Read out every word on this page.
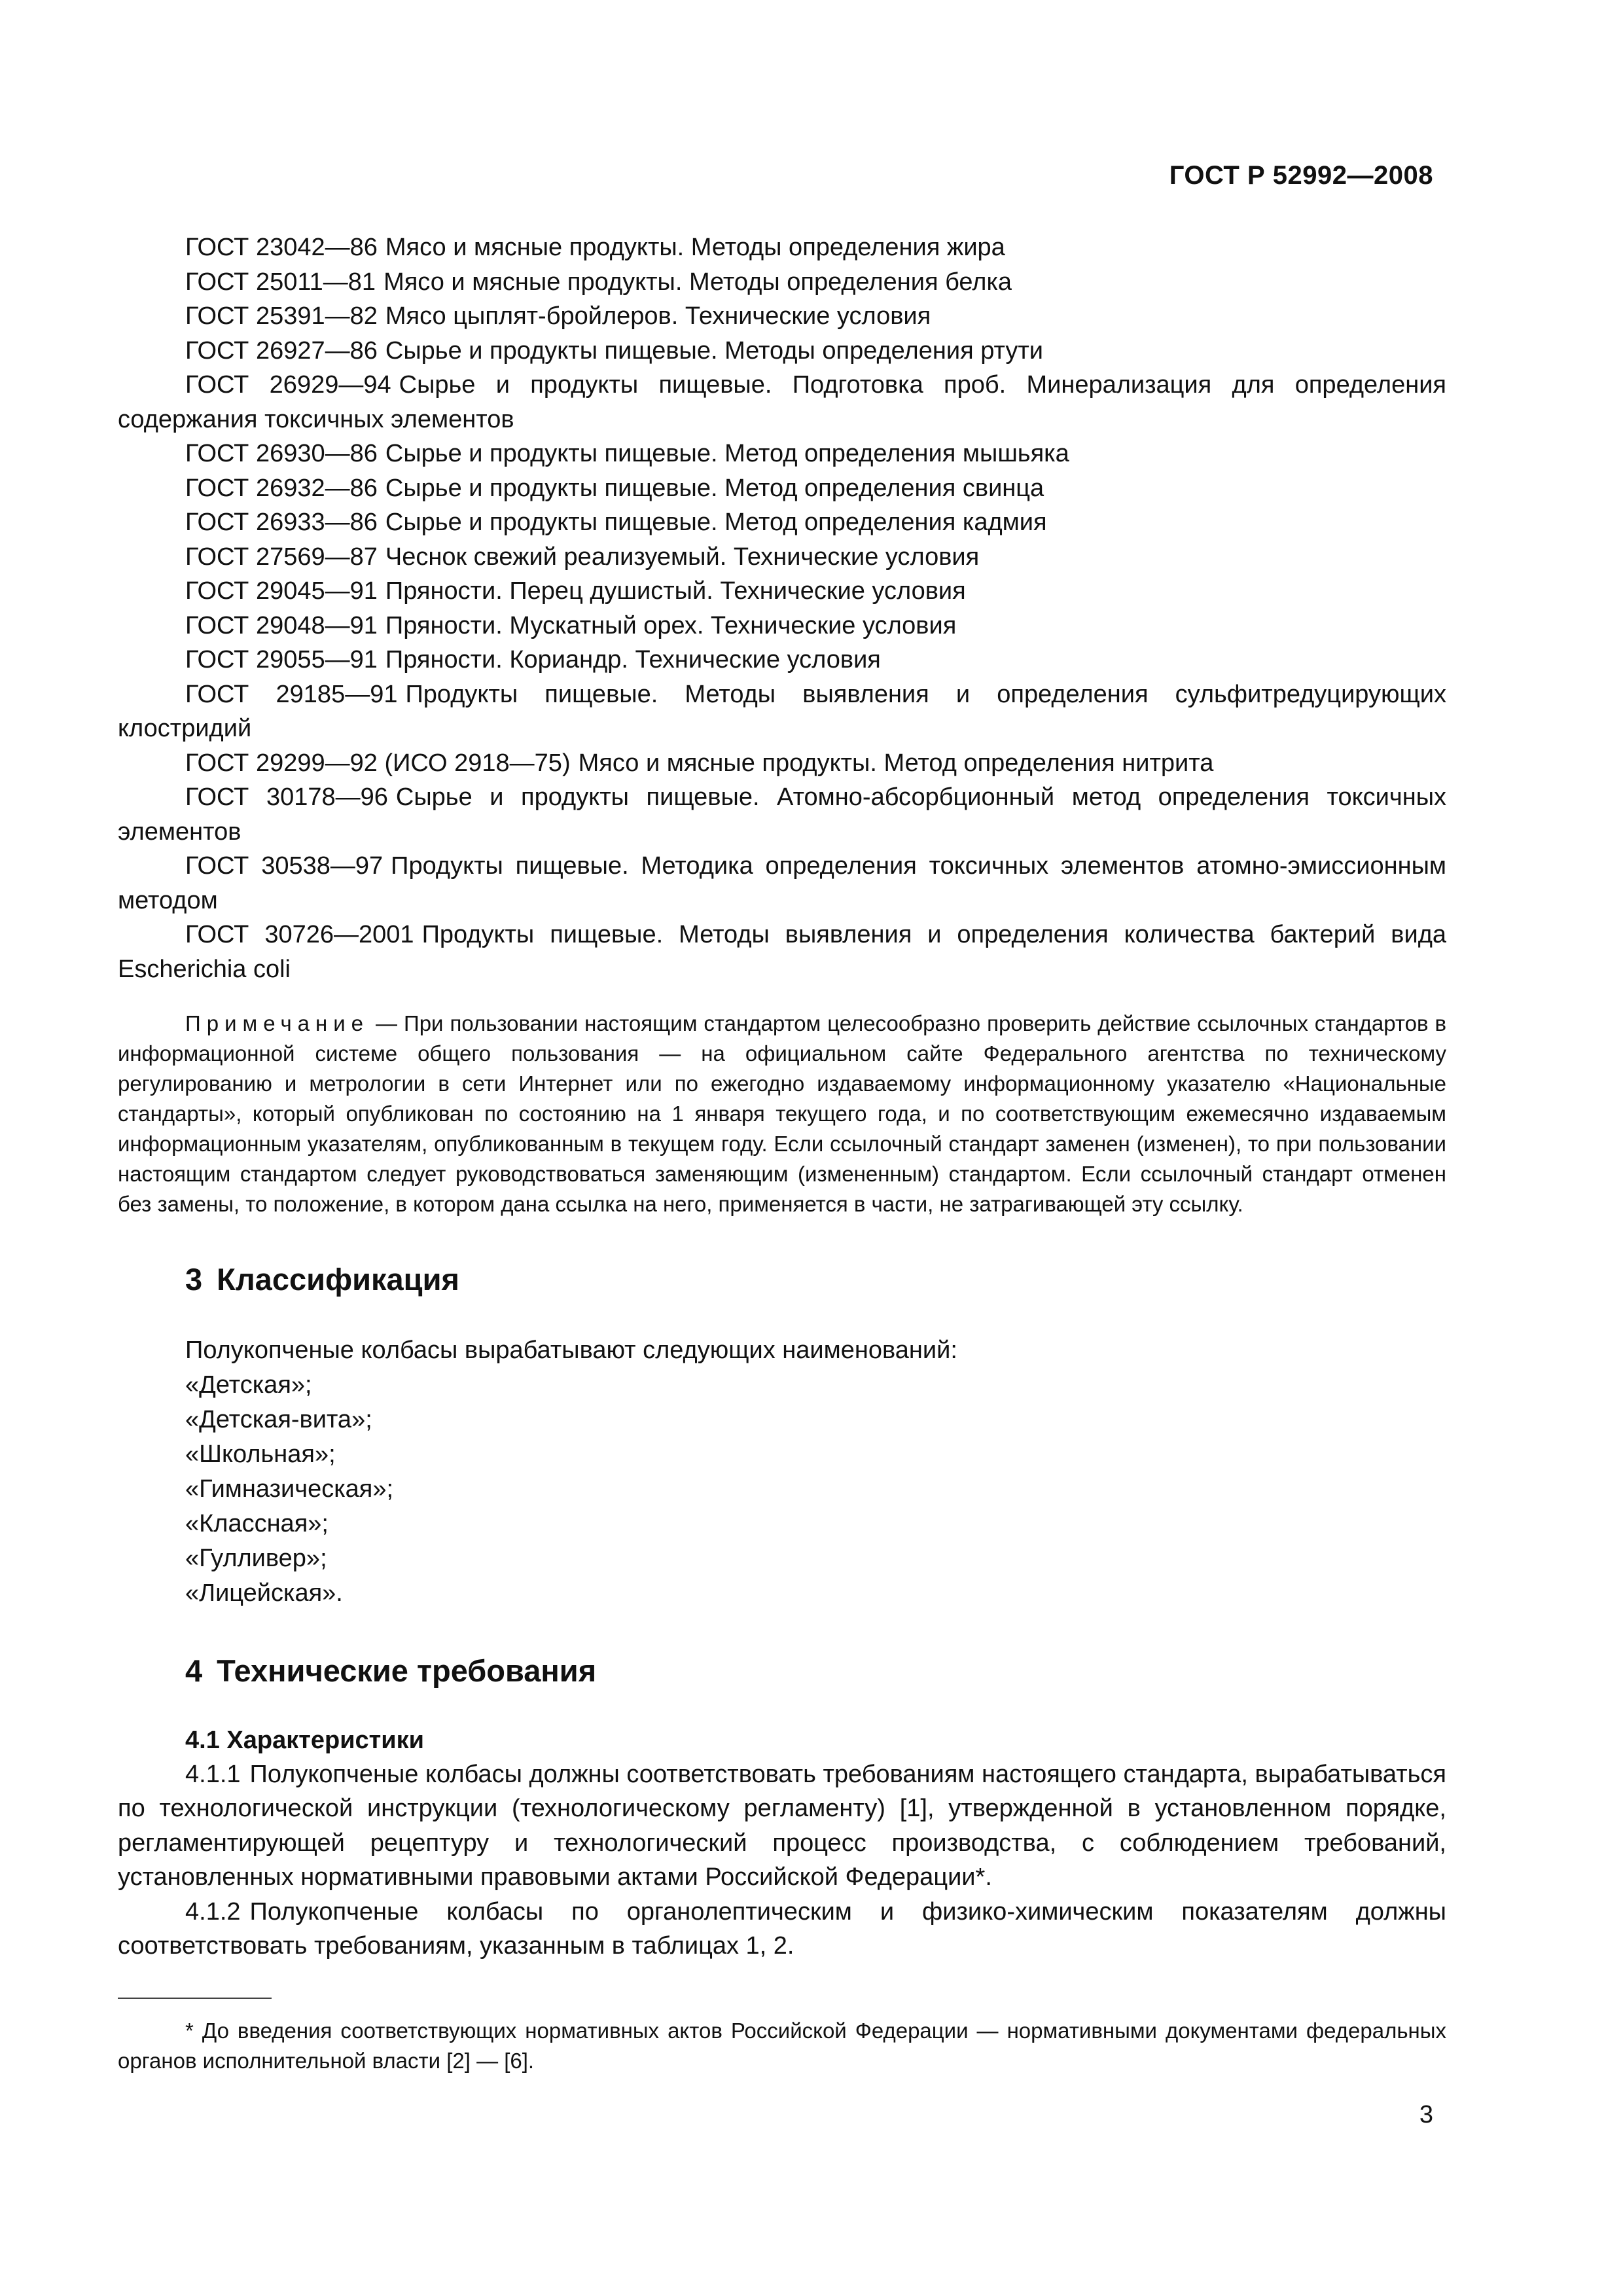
ГОСТ Р 52992—2008

ГОСТ 23042—86 Мясо и мясные продукты. Методы определения жира

ГОСТ 25011—81 Мясо и мясные продукты. Методы определения белка

ГОСТ 25391—82 Мясо цыплят-бройлеров. Технические условия

ГОСТ 26927—86 Сырье и продукты пищевые. Методы определения ртути

ГОСТ 26929—94 Сырье и продукты пищевые. Подготовка проб. Минерализация для определения содержания токсичных элементов

ГОСТ 26930—86 Сырье и продукты пищевые. Метод определения мышьяка

ГОСТ 26932—86 Сырье и продукты пищевые. Метод определения свинца

ГОСТ 26933—86 Сырье и продукты пищевые. Метод определения кадмия

ГОСТ 27569—87 Чеснок свежий реализуемый. Технические условия

ГОСТ 29045—91 Пряности. Перец душистый. Технические условия

ГОСТ 29048—91 Пряности. Мускатный орех. Технические условия

ГОСТ 29055—91 Пряности. Кориандр. Технические условия

ГОСТ 29185—91 Продукты пищевые. Методы выявления и определения сульфитредуцирующих клостридий

ГОСТ 29299—92 (ИСО 2918—75) Мясо и мясные продукты. Метод определения нитрита

ГОСТ 30178—96 Сырье и продукты пищевые. Атомно-абсорбционный метод определения токсичных элементов

ГОСТ 30538—97 Продукты пищевые. Методика определения токсичных элементов атомно-эмиссионным методом

ГОСТ 30726—2001 Продукты пищевые. Методы выявления и определения количества бактерий вида Escherichia coli

Примечание — При пользовании настоящим стандартом целесообразно проверить действие ссылочных стандартов в информационной системе общего пользования — на официальном сайте Федерального агентства по техническому регулированию и метрологии в сети Интернет или по ежегодно издаваемому информационному указателю «Национальные стандарты», который опубликован по состоянию на 1 января текущего года, и по соответствующим ежемесячно издаваемым информационным указателям, опубликованным в текущем году. Если ссылочный стандарт заменен (изменен), то при пользовании настоящим стандартом следует руководствоваться заменяющим (измененным) стандартом. Если ссылочный стандарт отменен без замены, то положение, в котором дана ссылка на него, применяется в части, не затрагивающей эту ссылку.
3 Классификация
Полукопченые колбасы вырабатывают следующих наименований:
«Детская»;
«Детская-вита»;
«Школьная»;
«Гимназическая»;
«Классная»;
«Гулливер»;
«Лицейская».
4 Технические требования
4.1 Характеристики

4.1.1 Полукопченые колбасы должны соответствовать требованиям настоящего стандарта, вырабатываться по технологической инструкции (технологическому регламенту) [1], утвержденной в установленном порядке, регламентирующей рецептуру и технологический процесс производства, с соблюдением требований, установленных нормативными правовыми актами Российской Федерации*.

4.1.2 Полукопченые колбасы по органолептическим и физико-химическим показателям должны соответствовать требованиям, указанным в таблицах 1, 2.

* До введения соответствующих нормативных актов Российской Федерации — нормативными документами федеральных органов исполнительной власти [2] — [6].
3
